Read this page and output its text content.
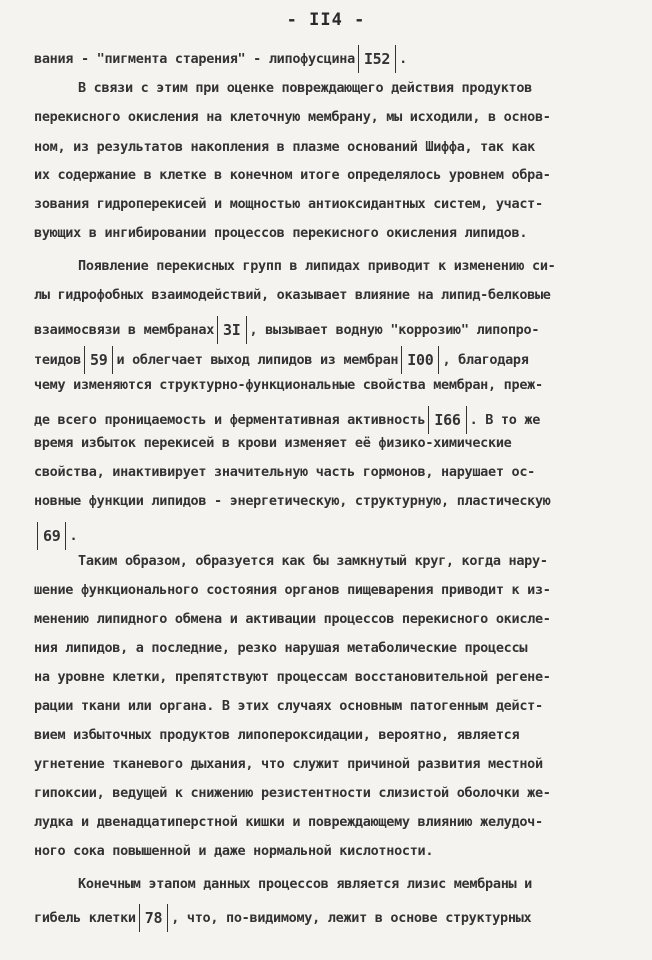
- II4 -
вания - "пигмента старения" - липофусцина I52 .
В связи с этим при оценке повреждающего действия продуктов
перекисного окисления на клеточную мембрану, мы исходили, в основ-
ном, из результатов накопления в плазме оснований Шиффа, так как
их содержание в клетке в конечном итоге определялось уровнем обра-
зования гидроперекисей и мощностью антиоксидантных систем, участ-
вующих в ингибировании процессов перекисного окисления липидов.
Появление перекисных групп в липидах приводит к изменению си-
лы гидрофобных взаимодействий, оказывает влияние на липид-белковые
взаимосвязи в мембранах 3I , вызывает водную "коррозию" липопро-
теидов 59 и облегчает выход липидов из мембран I00 , благодаря
чему изменяются структурно-функциональные свойства мембран, преж-
де всего проницаемость и ферментативная активность I66 . В то же
время избыток перекисей в крови изменяет её физико-химические
свойства, инактивирует значительную часть гормонов, нарушает ос-
новные функции липидов - энергетическую, структурную, пластическую
69 .
Таким образом, образуется как бы замкнутый круг, когда нару-
шение функционального состояния органов пищеварения приводит к из-
менению липидного обмена и активации процессов перекисного окисле-
ния липидов, а последние, резко нарушая метаболические процессы
на уровне клетки, препятствуют процессам восстановительной регене-
рации ткани или органа. В этих случаях основным патогенным дейст-
вием избыточных продуктов липопероксидации, вероятно, является
угнетение тканевого дыхания, что служит причиной развития местной
гипоксии, ведущей к снижению резистентности слизистой оболочки же-
лудка и двенадцатиперстной кишки и повреждающему влиянию желудоч-
ного сока повышенной и даже нормальной кислотности.
Конечным этапом данных процессов является лизис мембраны и
гибель клетки 78 , что, по-видимому, лежит в основе структурных
